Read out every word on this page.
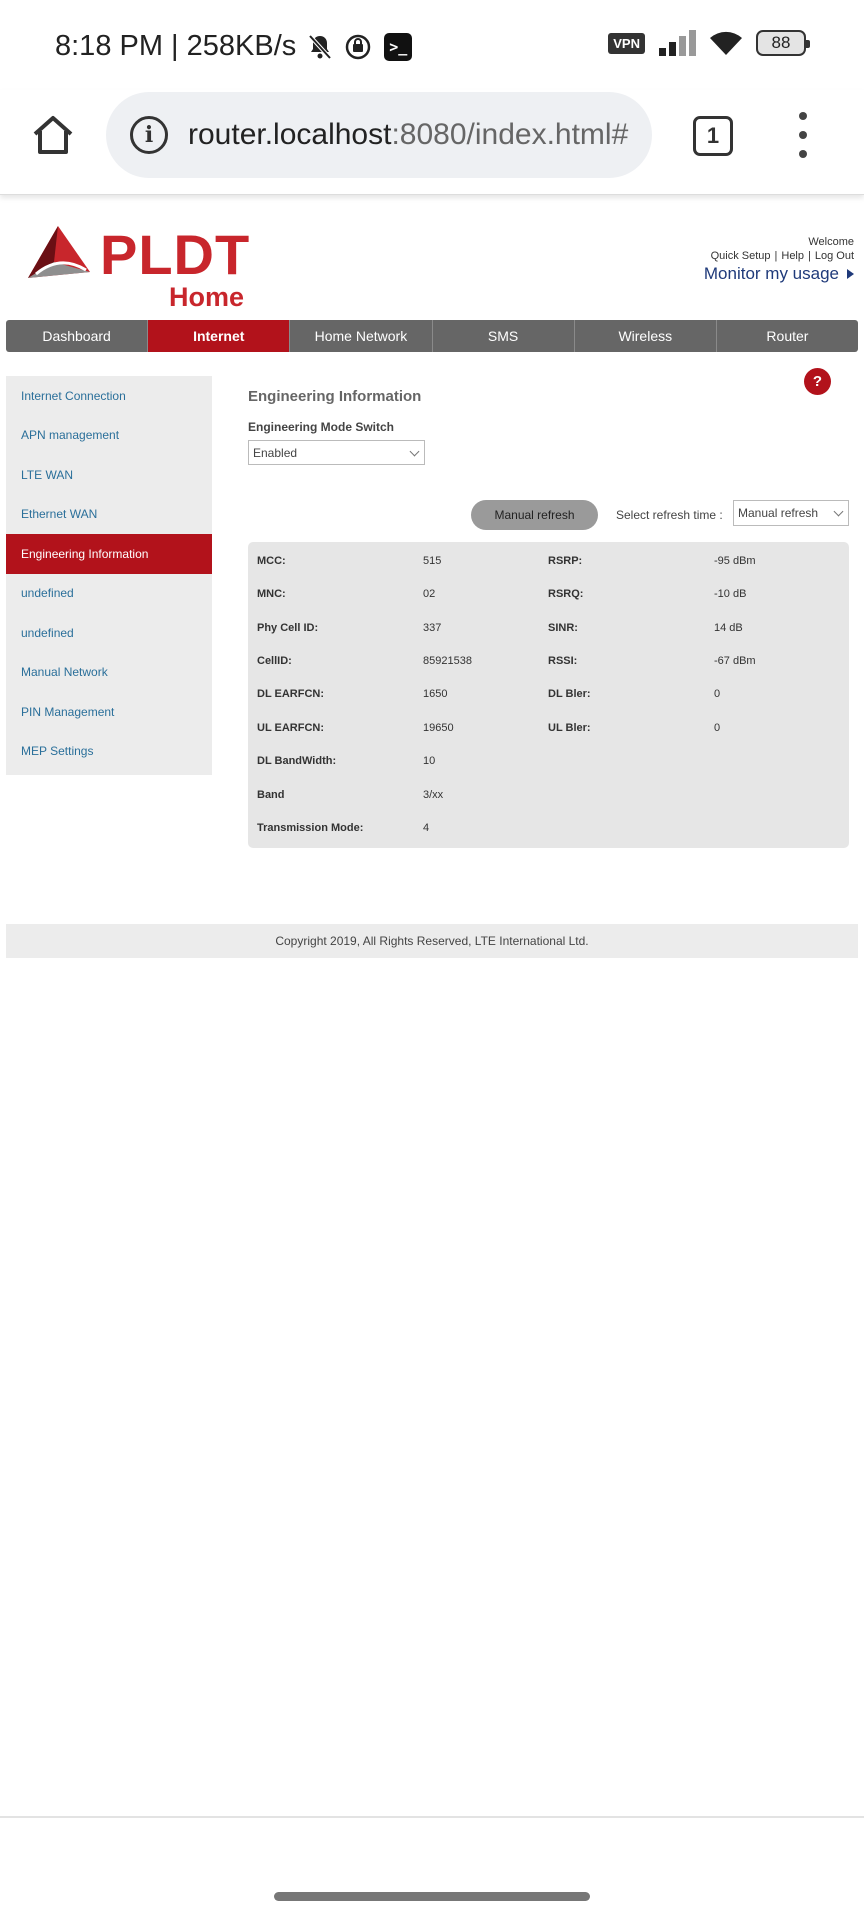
8:18 PM | 258KB/s	>_	VPN	88
i	router.localhost:8080/index.html#	1
PLDT
Home
Welcome
Quick Setup | Help | Log Out
Monitor my usage
Dashboard	Internet	Home Network	SMS	Wireless	Router
Internet Connection
APN management
LTE WAN
Ethernet WAN
Engineering Information
undefined
undefined
Manual Network
PIN Management
MEP Settings
?
Engineering Information
Engineering Mode Switch
Enabled
Manual refresh	Select refresh time : Manual refresh
MCC:	515	RSRP:	-95 dBm
MNC:	02	RSRQ:	-10 dB
Phy Cell ID:	337	SINR:	14 dB
CellID:	85921538	RSSI:	-67 dBm
DL EARFCN:	1650	DL Bler:	0
UL EARFCN:	19650	UL Bler:	0
DL BandWidth:	10
Band	3/xx
Transmission Mode:	4
Copyright 2019, All Rights Reserved, LTE International Ltd.
